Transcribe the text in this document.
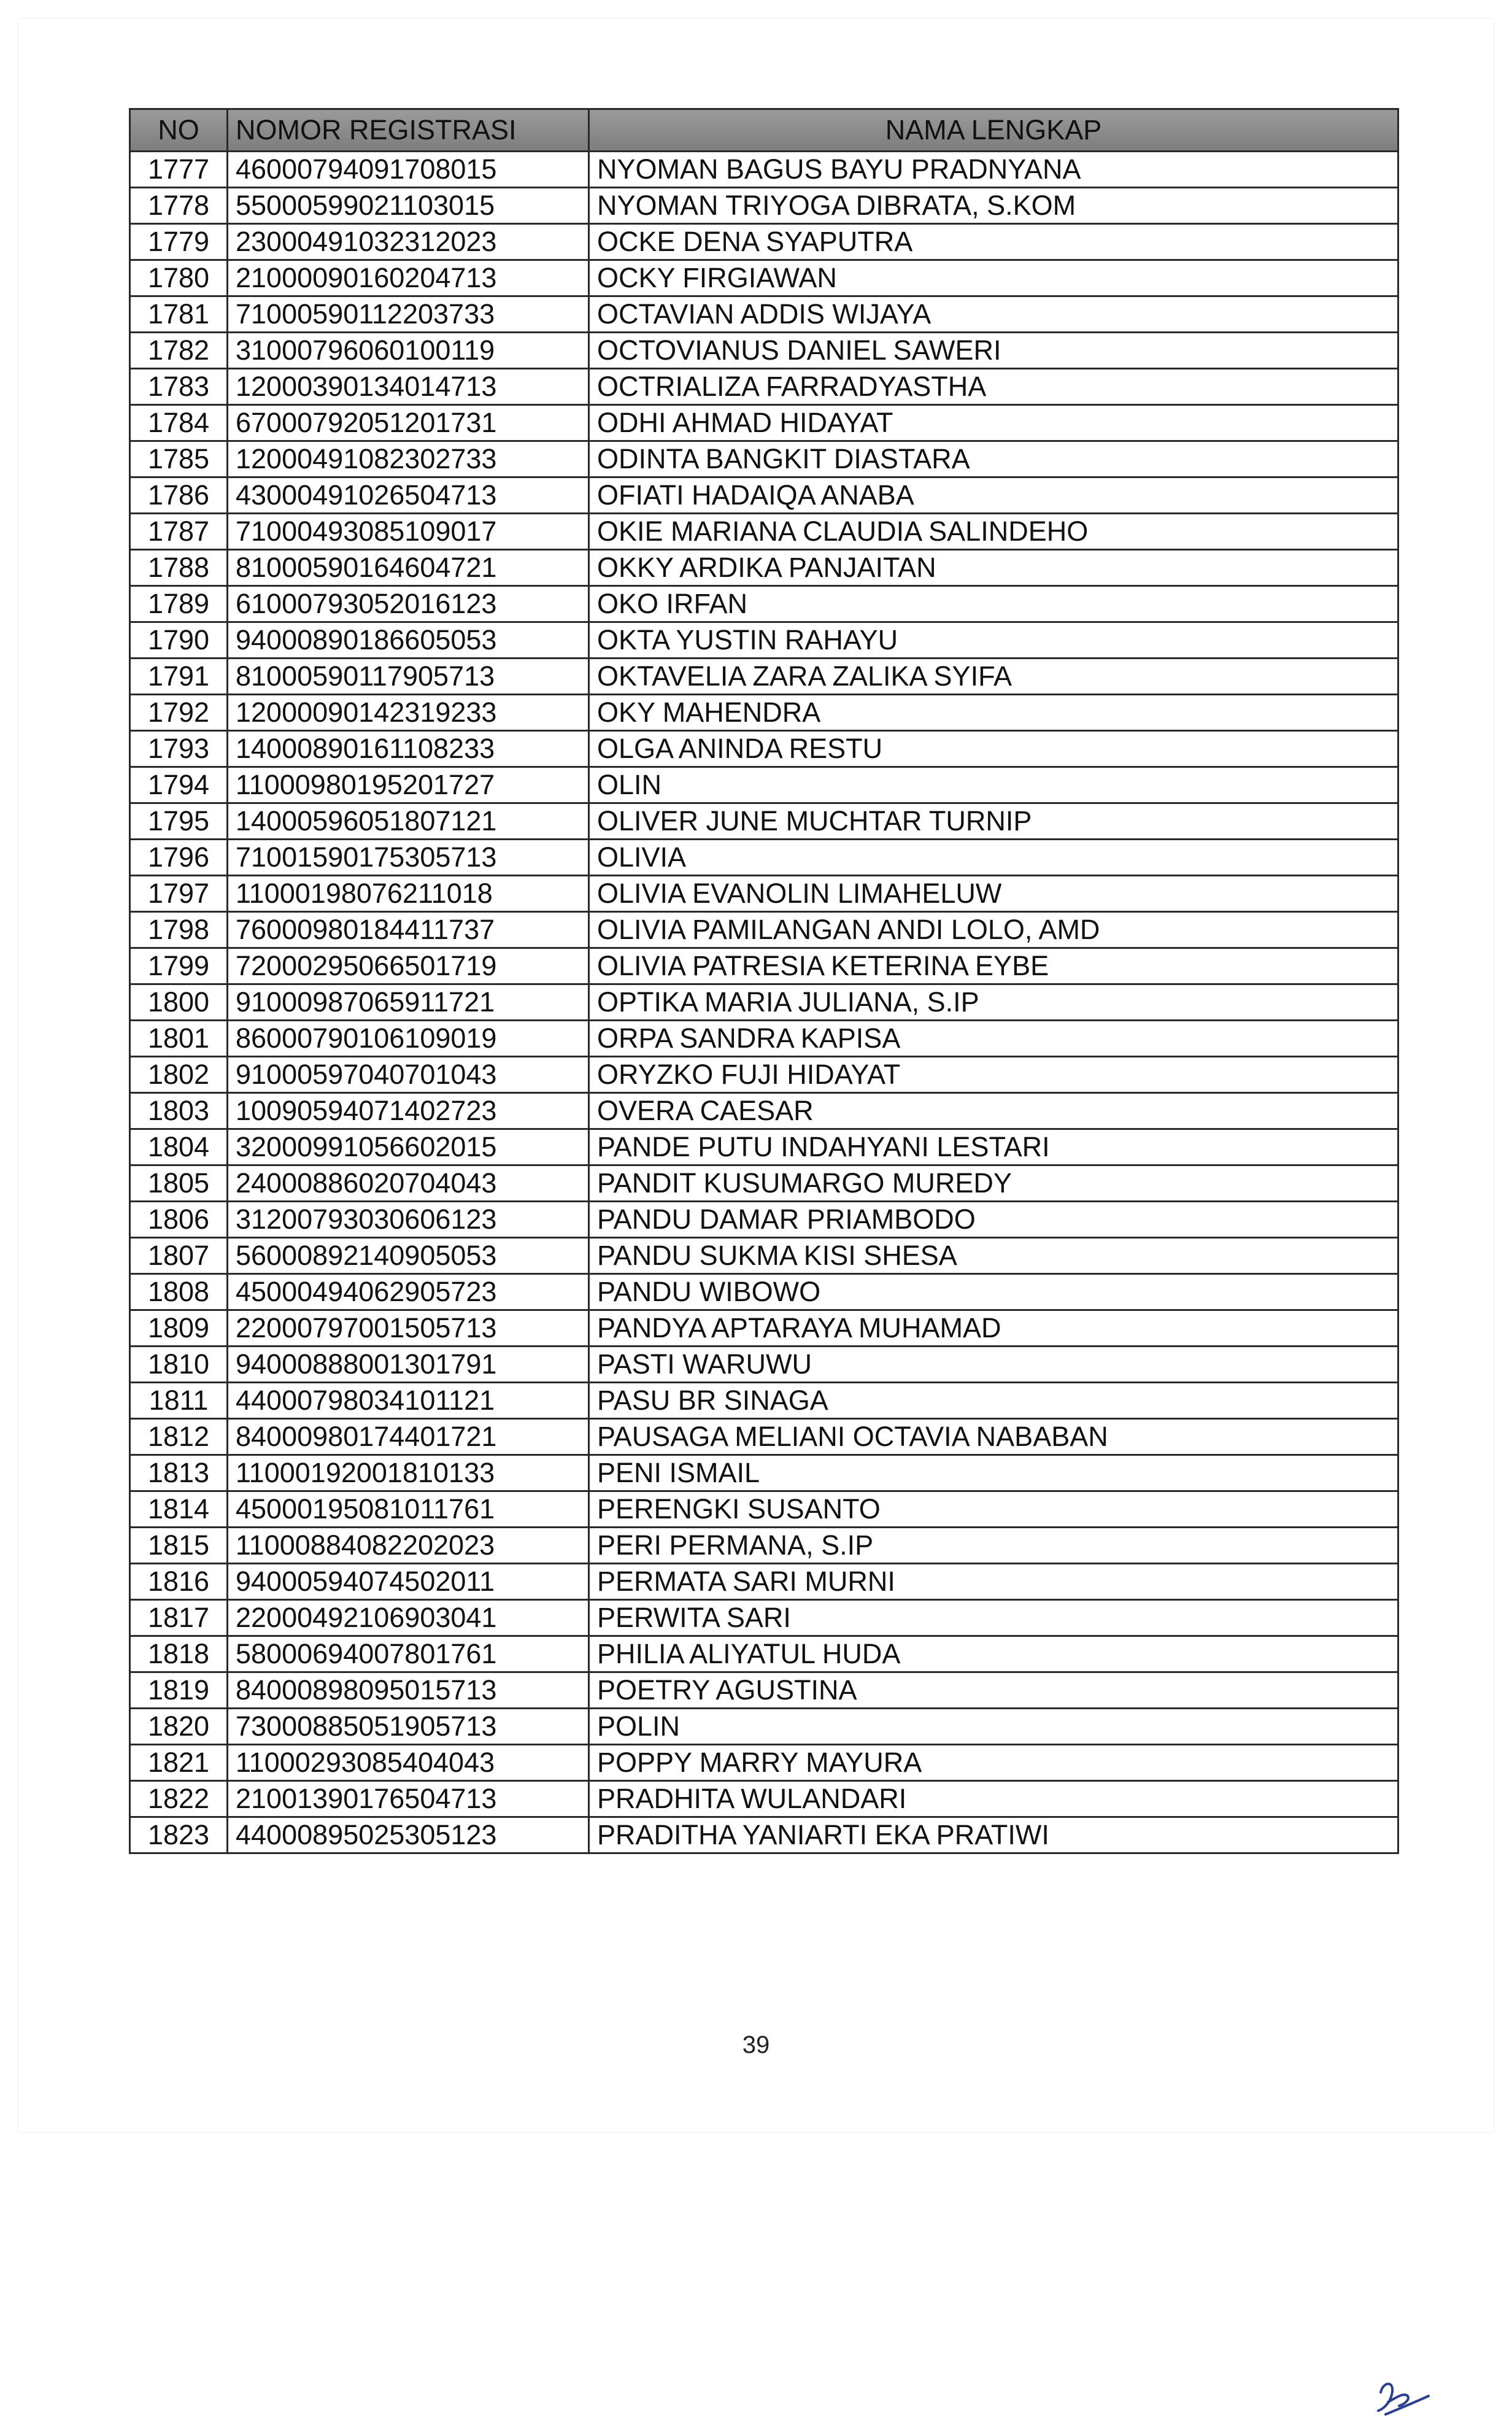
NO	NOMOR REGISTRASI	NAMA LENGKAP
1777	46000794091708015	NYOMAN BAGUS BAYU PRADNYANA
1778	55000599021103015	NYOMAN TRIYOGA DIBRATA, S.KOM
1779	23000491032312023	OCKE DENA SYAPUTRA
1780	21000090160204713	OCKY FIRGIAWAN
1781	71000590112203733	OCTAVIAN ADDIS WIJAYA
1782	31000796060100119	OCTOVIANUS DANIEL SAWERI
1783	12000390134014713	OCTRIALIZA FARRADYASTHA
1784	67000792051201731	ODHI AHMAD HIDAYAT
1785	12000491082302733	ODINTA BANGKIT DIASTARA
1786	43000491026504713	OFIATI HADAIQA ANABA
1787	71000493085109017	OKIE MARIANA CLAUDIA SALINDEHO
1788	81000590164604721	OKKY ARDIKA PANJAITAN
1789	61000793052016123	OKO IRFAN
1790	94000890186605053	OKTA YUSTIN RAHAYU
1791	81000590117905713	OKTAVELIA ZARA ZALIKA SYIFA
1792	12000090142319233	OKY MAHENDRA
1793	14000890161108233	OLGA ANINDA RESTU
1794	11000980195201727	OLIN
1795	14000596051807121	OLIVER JUNE MUCHTAR TURNIP
1796	71001590175305713	OLIVIA
1797	11000198076211018	OLIVIA EVANOLIN LIMAHELUW
1798	76000980184411737	OLIVIA PAMILANGAN ANDI LOLO, AMD
1799	72000295066501719	OLIVIA PATRESIA KETERINA EYBE
1800	91000987065911721	OPTIKA MARIA JULIANA, S.IP
1801	86000790106109019	ORPA SANDRA KAPISA
1802	91000597040701043	ORYZKO FUJI HIDAYAT
1803	10090594071402723	OVERA CAESAR
1804	32000991056602015	PANDE PUTU INDAHYANI LESTARI
1805	24000886020704043	PANDIT KUSUMARGO MUREDY
1806	31200793030606123	PANDU DAMAR PRIAMBODO
1807	56000892140905053	PANDU SUKMA KISI SHESA
1808	45000494062905723	PANDU WIBOWO
1809	22000797001505713	PANDYA APTARAYA MUHAMAD
1810	94000888001301791	PASTI WARUWU
1811	44000798034101121	PASU BR SINAGA
1812	84000980174401721	PAUSAGA MELIANI OCTAVIA NABABAN
1813	11000192001810133	PENI ISMAIL
1814	45000195081011761	PERENGKI SUSANTO
1815	11000884082202023	PERI PERMANA, S.IP
1816	94000594074502011	PERMATA SARI MURNI
1817	22000492106903041	PERWITA SARI
1818	58000694007801761	PHILIA ALIYATUL HUDA
1819	84000898095015713	POETRY AGUSTINA
1820	73000885051905713	POLIN
1821	11000293085404043	POPPY MARRY MAYURA
1822	21001390176504713	PRADHITA WULANDARI
1823	44000895025305123	PRADITHA YANIARTI EKA PRATIWI
39
